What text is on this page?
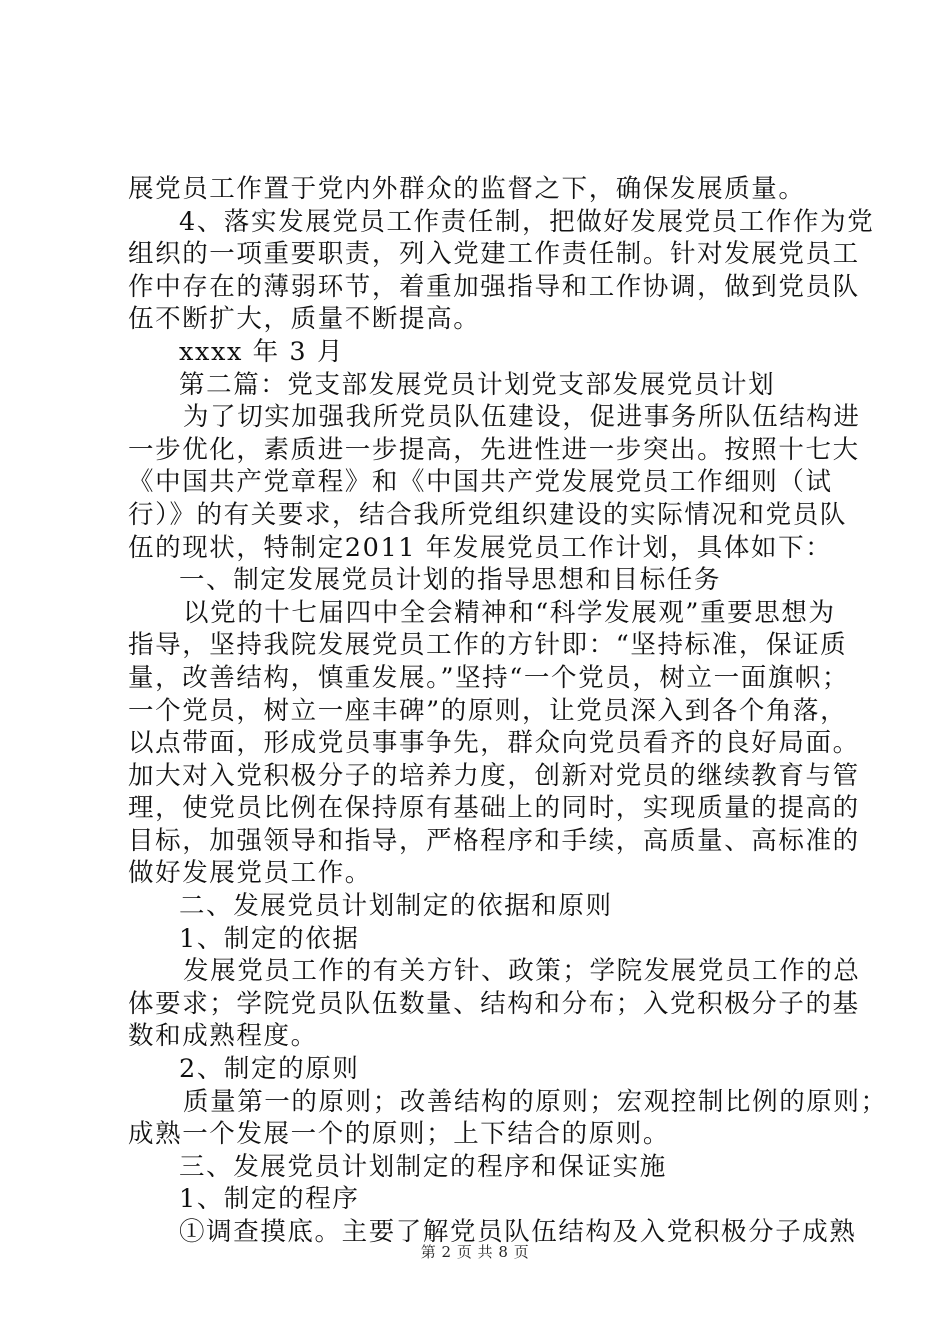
展党员工作置于党内外群众的监督之下，确保发展质量。
4、落实发展党员工作责任制，把做好发展党员工作作为党
组织的一项重要职责，列入党建工作责任制。针对发展党员工
作中存在的薄弱环节，着重加强指导和工作协调，做到党员队
伍不断扩大，质量不断提高。
xxxx 年 3 月
第二篇：党支部发展党员计划党支部发展党员计划
为了切实加强我所党员队伍建设，促进事务所队伍结构进
一步优化，素质进一步提高，先进性进一步突出。按照十七大
《中国共产党章程》和《中国共产党发展党员工作细则（试
行）》的有关要求，结合我所党组织建设的实际情况和党员队
伍的现状，特制定2011 年发展党员工作计划，具体如下：
一、制定发展党员计划的指导思想和目标任务
以党的十七届四中全会精神和“科学发展观”重要思想为
指导，坚持我院发展党员工作的方针即：“坚持标准，保证质
量，改善结构，慎重发展。”坚持“一个党员，树立一面旗帜；
一个党员，树立一座丰碑”的原则，让党员深入到各个角落，
以点带面，形成党员事事争先，群众向党员看齐的良好局面。
加大对入党积极分子的培养力度，创新对党员的继续教育与管
理，使党员比例在保持原有基础上的同时，实现质量的提高的
目标，加强领导和指导，严格程序和手续，高质量、高标准的
做好发展党员工作。
二、发展党员计划制定的依据和原则
1、制定的依据
发展党员工作的有关方针、政策；学院发展党员工作的总
体要求；学院党员队伍数量、结构和分布；入党积极分子的基
数和成熟程度。
2、制定的原则
质量第一的原则；改善结构的原则；宏观控制比例的原则；
成熟一个发展一个的原则；上下结合的原则。
三、发展党员计划制定的程序和保证实施
1、制定的程序
①调查摸底。主要了解党员队伍结构及入党积极分子成熟
第 2 页 共 8 页
